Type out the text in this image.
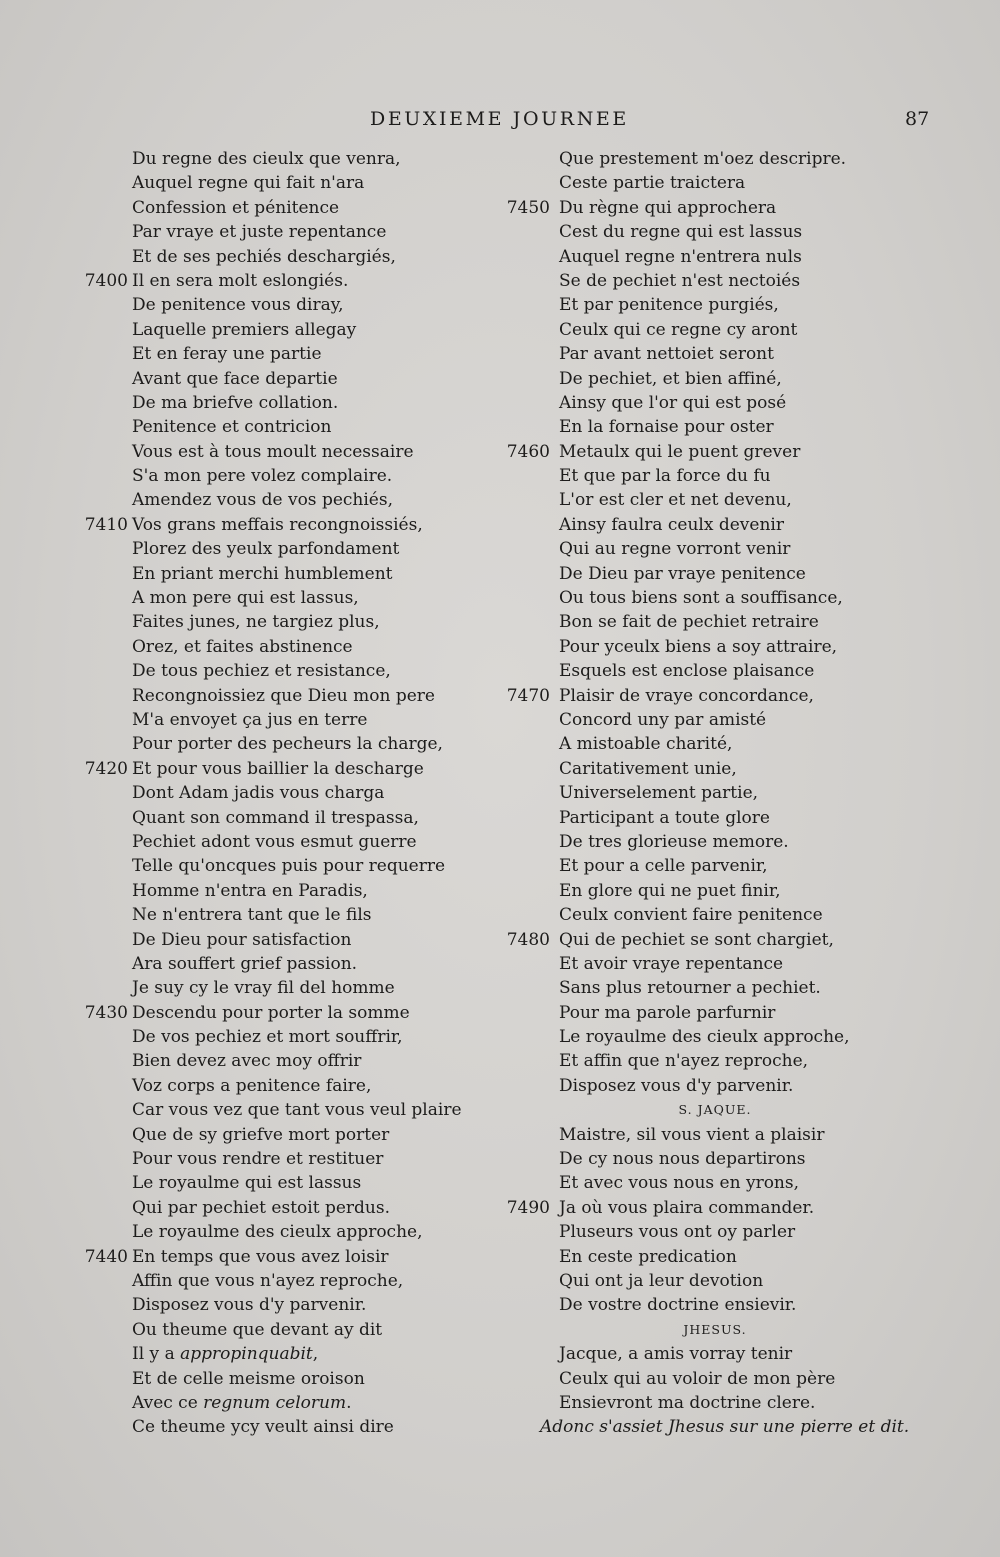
DEUXIEME JOURNEE	87
Du regne des cieulx que venra,
Auquel regne qui fait n'ara
Confession et pénitence
Par vraye et juste repentance
Et de ses pechiés deschargiés,
7400 Il en sera molt eslongiés.
De penitence vous diray,
Laquelle premiers allegay
Et en feray une partie
Avant que face departie
De ma briefve collation.
Penitence et contricion
Vous est à tous moult necessaire
S'a mon pere volez complaire.
Amendez vous de vos pechiés,
7410 Vos grans meffais recongnoissiés,
Plorez des yeulx parfondament
En priant merchi humblement
A mon pere qui est lassus,
Faites junes, ne targiez plus,
Orez, et faites abstinence
De tous pechiez et resistance,
Recongnoissiez que Dieu mon pere
M'a envoyet ça jus en terre
Pour porter des pecheurs la charge,
7420 Et pour vous baillier la descharge
Dont Adam jadis vous charga
Quant son command il trespassa,
Pechiet adont vous esmut guerre
Telle qu'oncques puis pour requerre
Homme n'entra en Paradis,
Ne n'entrera tant que le fils
De Dieu pour satisfaction
Ara souffert grief passion.
Je suy cy le vray fil del homme
7430 Descendu pour porter la somme
De vos pechiez et mort souffrir,
Bien devez avec moy offrir
Voz corps a penitence faire,
Car vous vez que tant vous veul plaire
Que de sy griefve mort porter
Pour vous rendre et restituer
Le royaulme qui est lassus
Qui par pechiet estoit perdus.
Le royaulme des cieulx approche,
7440 En temps que vous avez loisir
Affin que vous n'ayez reproche,
Disposez vous d'y parvenir.
Ou theume que devant ay dit
Il y a appropinquabit,
Et de celle meisme oroison
Avec ce regnum celorum.
Ce theume ycy veult ainsi dire
Que prestement m'oez descripre.
Ceste partie traictera
7450 Du règne qui approchera
Cest du regne qui est lassus
Auquel regne n'entrera nuls
Se de pechiet n'est nectoiés
Et par penitence purgiés,
Ceulx qui ce regne cy aront
Par avant nettoiet seront
De pechiet, et bien affiné,
Ainsy que l'or qui est posé
En la fornaise pour oster
7460 Metaulx qui le puent grever
Et que par la force du fu
L'or est cler et net devenu,
Ainsy faulra ceulx devenir
Qui au regne vorront venir
De Dieu par vraye penitence
Ou tous biens sont a souffisance,
Bon se fait de pechiet retraire
Pour yceulx biens a soy attraire,
Esquels est enclose plaisance
7470 Plaisir de vraye concordance,
Concord uny par amisté
A mistoable charité,
Caritativement unie,
Universelement partie,
Participant a toute glore
De tres glorieuse memore.
Et pour a celle parvenir,
En glore qui ne puet finir,
Ceulx convient faire penitence
7480 Qui de pechiet se sont chargiet,
Et avoir vraye repentance
Sans plus retourner a pechiet.
Pour ma parole parfurnir
Le royaulme des cieulx approche,
Et affin que n'ayez reproche,
Disposez vous d'y parvenir.
S. JAQUE.
Maistre, sil vous vient a plaisir
De cy nous nous departirons
Et avec vous nous en yrons,
7490 Ja où vous plaira commander.
Pluseurs vous ont oy parler
En ceste predication
Qui ont ja leur devotion
De vostre doctrine ensievir.
JHESUS.
Jacque, a amis vorray tenir
Ceulx qui au voloir de mon père
Ensievront ma doctrine clere.
Adonc s'assiet Jhesus sur une pierre et dit.
